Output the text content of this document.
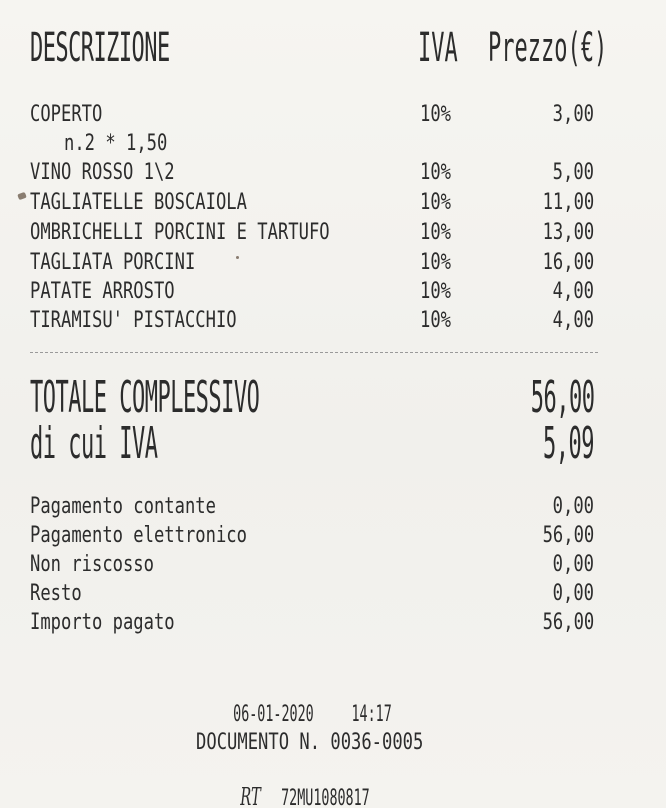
DESCRIZIONE	IVA Prezzo(€)
COPERTO	10%	3,00
n.2 * 1,50
VINO ROSSO 1\2	10%	5,00
TAGLIATELLE BOSCAIOLA	10%	11,00
OMBRICHELLI PORCINI E TARTUFO	10%	13,00
TAGLIATA PORCINI	10%	16,00
PATATE ARROSTO	10%	4,00
TIRAMISU' PISTACCHIO	10%	4,00
TOTALE COMPLESSIVO	56,00
di cui IVA	5,09
Pagamento contante	0,00
Pagamento elettronico	56,00
Non riscosso	0,00
Resto	0,00
Importo pagato	56,00
06-01-2020 14:17
DOCUMENTO N. 0036-0005
RT 72MU1080817
